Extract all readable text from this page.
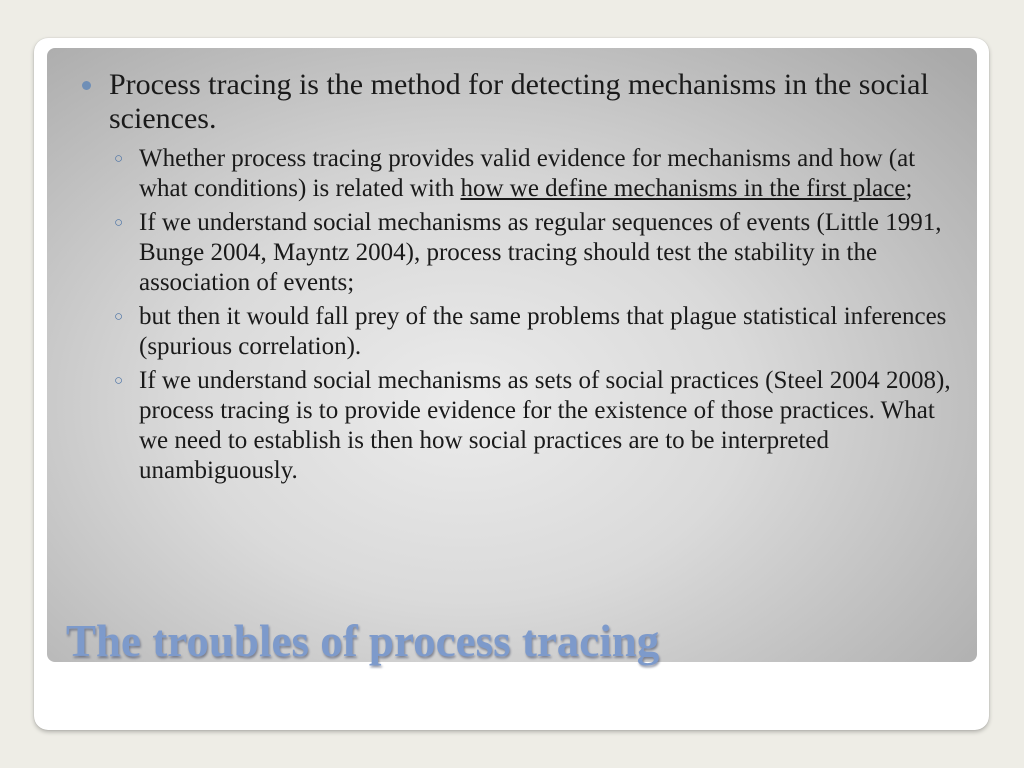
Process tracing is the method for detecting mechanisms in the social sciences.
○ Whether process tracing provides valid evidence for mechanisms and how (at what conditions) is related with how we define mechanisms in the first place;
○ If we understand social mechanisms as regular sequences of events (Little 1991, Bunge 2004, Mayntz 2004), process tracing should test the stability in the association of events;
○ but then it would fall prey of the same problems that plague statistical inferences (spurious correlation).
○ If we understand social mechanisms as sets of social practices (Steel 2004 2008), process tracing is to provide evidence for the existence of those practices. What we need to establish is then how social practices are to be interpreted unambiguously.
The troubles of process tracing
